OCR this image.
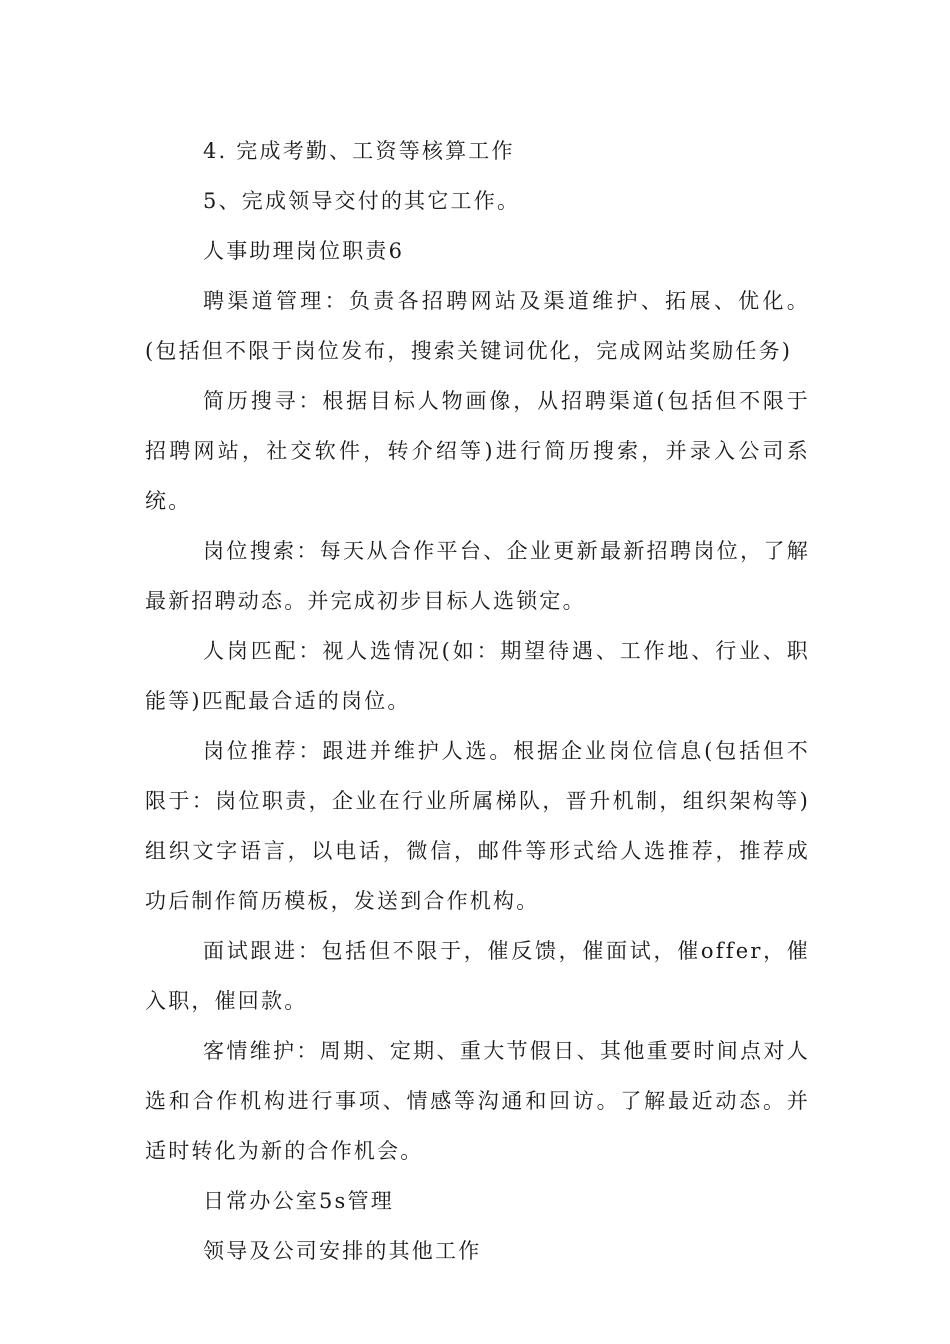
4. 完成考勤、工资等核算工作

5、完成领导交付的其它工作。

人事助理岗位职责6

聘渠道管理：负责各招聘网站及渠道维护、拓展、优化。(包括但不限于岗位发布，搜索关键词优化，完成网站奖励任务)

简历搜寻：根据目标人物画像，从招聘渠道(包括但不限于招聘网站，社交软件，转介绍等)进行简历搜索，并录入公司系统。

岗位搜索：每天从合作平台、企业更新最新招聘岗位，了解最新招聘动态。并完成初步目标人选锁定。

人岗匹配：视人选情况(如：期望待遇、工作地、行业、职能等)匹配最合适的岗位。

岗位推荐：跟进并维护人选。根据企业岗位信息(包括但不限于：岗位职责，企业在行业所属梯队，晋升机制，组织架构等)组织文字语言，以电话，微信，邮件等形式给人选推荐，推荐成功后制作简历模板，发送到合作机构。

面试跟进：包括但不限于，催反馈，催面试，催offer，催入职，催回款。

客情维护：周期、定期、重大节假日、其他重要时间点对人选和合作机构进行事项、情感等沟通和回访。了解最近动态。并适时转化为新的合作机会。

日常办公室5s管理

领导及公司安排的其他工作
